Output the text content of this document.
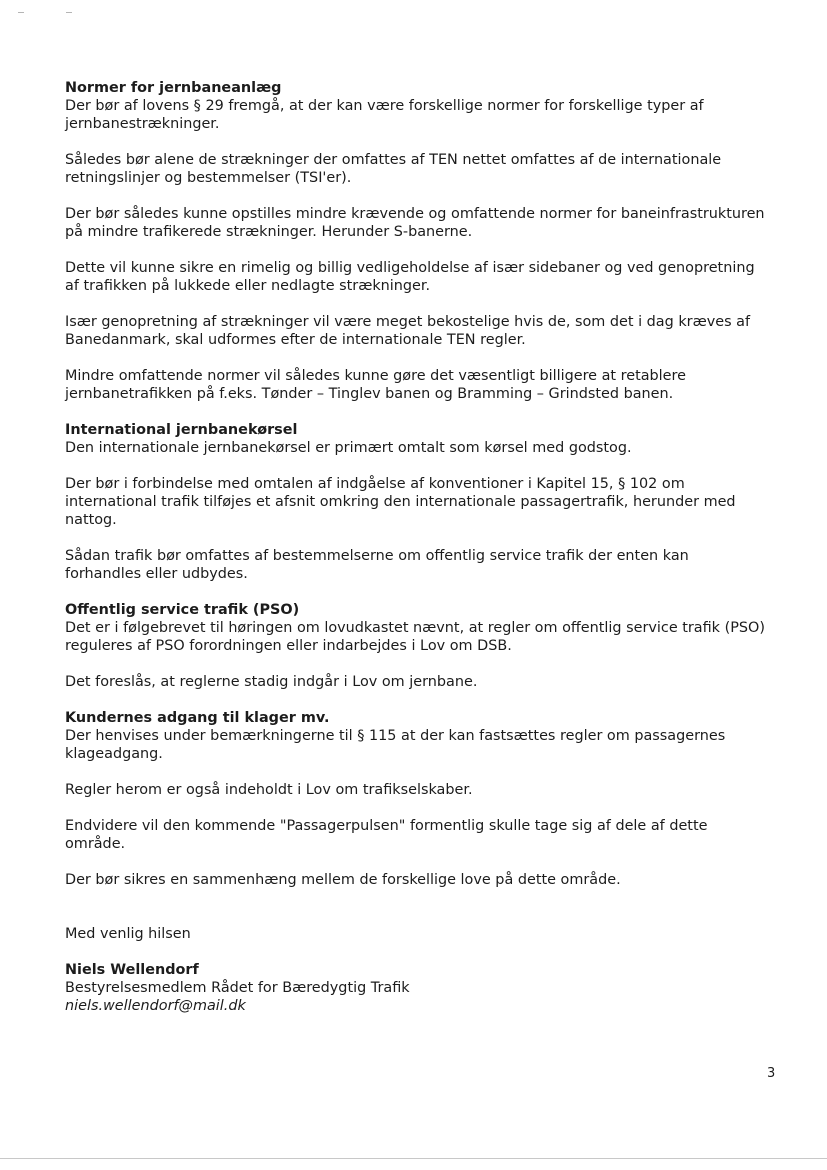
Normer for jernbaneanlæg

Der bør af lovens § 29 fremgå, at der kan være forskellige normer for forskellige typer af jernbanestrækninger.

Således bør alene de strækninger der omfattes af TEN nettet omfattes af de internationale retningslinjer og bestemmelser (TSI'er).

Der bør således kunne opstilles mindre krævende og omfattende normer for baneinfrastrukturen på mindre trafikerede strækninger. Herunder S-banerne.

Dette vil kunne sikre en rimelig og billig vedligeholdelse af især sidebaner og ved genopretning af trafikken på lukkede eller nedlagte strækninger.

Især genopretning af strækninger vil være meget bekostelige hvis de, som det i dag kræves af Banedanmark, skal udformes efter de internationale TEN regler.

Mindre omfattende normer vil således kunne gøre det væsentligt billigere at retablere jernbanetrafikken på f.eks. Tønder – Tinglev banen og Bramming – Grindsted banen.

International jernbanekørsel

Den internationale jernbanekørsel er primært omtalt som kørsel med godstog.

Der bør i forbindelse med omtalen af indgåelse af konventioner i Kapitel 15, § 102 om international trafik tilføjes et afsnit omkring den internationale passagertrafik, herunder med nattog.

Sådan trafik bør omfattes af bestemmelserne om offentlig service trafik der enten kan forhandles eller udbydes.

Offentlig service trafik (PSO)

Det er i følgebrevet til høringen om lovudkastet nævnt, at regler om offentlig service trafik (PSO) reguleres af PSO forordningen eller indarbejdes i Lov om DSB.

Det foreslås, at reglerne stadig indgår i Lov om jernbane.

Kundernes adgang til klager mv.

Der henvises under bemærkningerne til § 115 at der kan fastsættes regler om passagernes klageadgang.

Regler herom er også indeholdt i Lov om trafikselskaber.

Endvidere vil den kommende "Passagerpulsen" formentlig skulle tage sig af dele af dette område.

Der bør sikres en sammenhæng mellem de forskellige love på dette område.

Med venlig hilsen

Niels Wellendorf

Bestyrelsesmedlem Rådet for Bæredygtig Trafik

niels.wellendorf@mail.dk

3
